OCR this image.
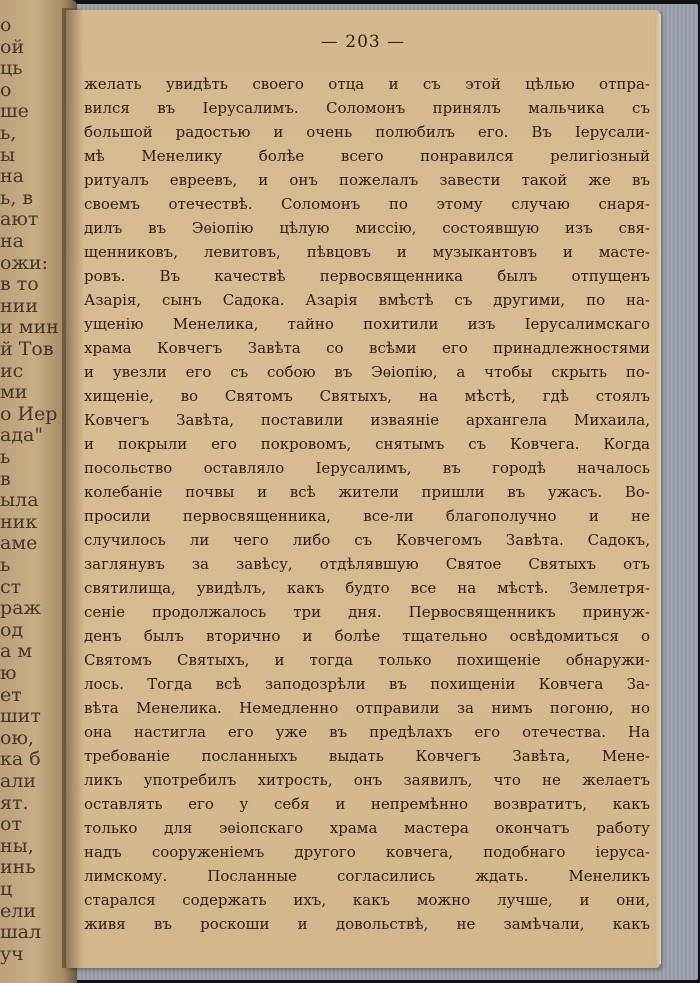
о
ой
ць
о
ше
ь,
ы
на
ь, в
ают
на
ожи:
в то
нии
и мин
й Тов
ис
ми
о Иер
ада"
ь
в
ыла
ник
аме
ь
ст
раж
од
а м
ю
ет
шит
ою,
ка б
али
ят.
от
ны,
инь
ц
ели
шал
уч
— 203 —
желать увидѣть своего отца и съ этой цѣлью отпра-
вился въ Іерусалимъ. Соломонъ принялъ мальчика съ
большой радостью и очень полюбилъ его. Въ Іерусали-
мѣ Менелику болѣе всего понравился религіозный
ритуалъ евреевъ, и онъ пожелалъ завести такой же въ
своемъ отечествѣ. Соломонъ по этому случаю снаря-
дилъ въ Эѳіопію цѣлую миссію, состоявшую изъ свя-
щенниковъ, левитовъ, пѣвцовъ и музыкантовъ и масте-
ровъ. Въ качествѣ первосвященника былъ отпущенъ
Азарія, сынъ Садока. Азарія вмѣстѣ съ другими, по на-
ущенію Менелика, тайно похитили изъ Іерусалимскаго
храма Ковчегъ Завѣта со всѣми его принадлежностями
и увезли его съ собою въ Эѳіопію, а чтобы скрыть по-
хищеніе, во Святомъ Святыхъ, на мѣстѣ, гдѣ стоялъ
Ковчегъ Завѣта, поставили изваяніе архангела Михаила,
и покрыли его покровомъ, снятымъ съ Ковчега. Когда
посольство оставляло Іерусалимъ, въ городѣ началось
колебаніе почвы и всѣ жители пришли въ ужасъ. Во-
просили первосвященника, все-ли благополучно и не
случилось ли чего либо съ Ковчегомъ Завѣта. Садокъ,
заглянувъ за завѣсу, отдѣлявшую Святое Святыхъ отъ
святилища, увидѣлъ, какъ будто все на мѣстѣ. Землетря-
сеніе продолжалось три дня. Первосвященникъ принуж-
денъ былъ вторично и болѣе тщательно освѣдомиться о
Святомъ Святыхъ, и тогда только похищеніе обнаружи-
лось. Тогда всѣ заподозрѣли въ похищеніи Ковчега За-
вѣта Менелика. Немедленно отправили за нимъ погоню, но
она настигла его уже въ предѣлахъ его отечества. На
требованіе посланныхъ выдать Ковчегъ Завѣта, Менe-
ликъ употребилъ хитрость, онъ заявилъ, что не желаетъ
оставлять его у себя и непремѣнно возвратитъ, какъ
только для эѳіопскаго храма мастера окончатъ работу
надъ сооруженіемъ другого ковчега, подобнаго іерусa-
лимскому. Посланные согласились ждать. Менеликъ
старался содержать ихъ, какъ можно лучше, и они,
живя въ роскоши и довольствѣ, не замѣчали, какъ
